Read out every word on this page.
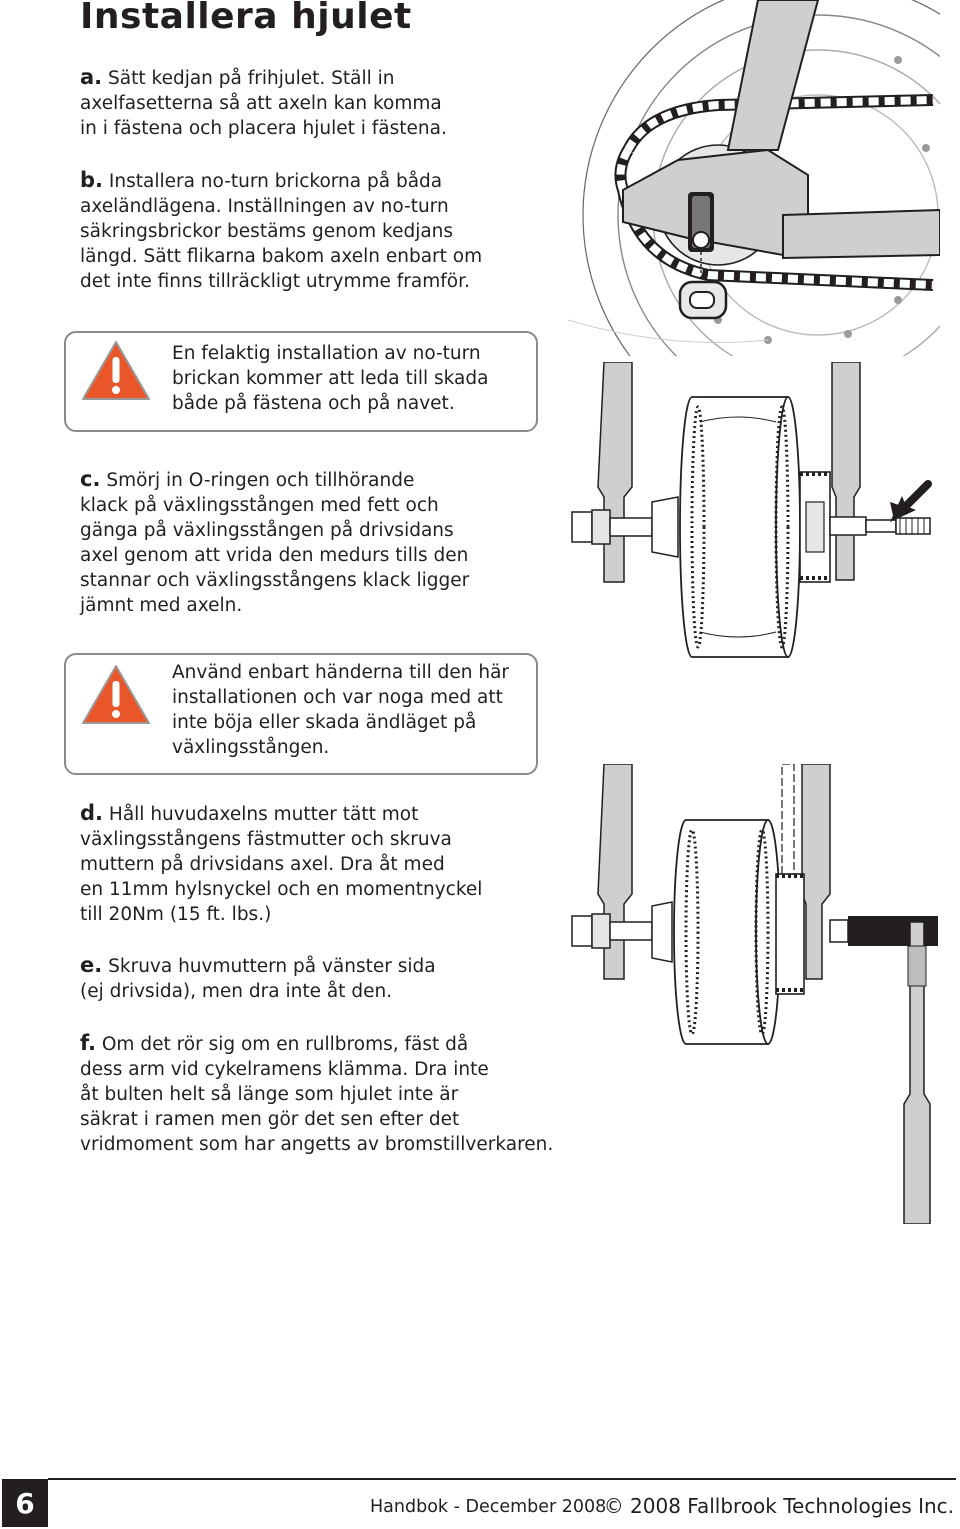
Installera hjulet

a. Sätt kedjan på frihjulet. Ställ in
axelfasetterna så att axeln kan komma
in i fästena och placera hjulet i fästena.

b. Installera no-turn brickorna på båda
axeländlägena. Inställningen av no-turn
säkringsbrickor bestäms genom kedjans
längd. Sätt flikarna bakom axeln enbart om
det inte finns tillräckligt utrymme framför.

En felaktig installation av no-turn
brickan kommer att leda till skada
både på fästena och på navet.

c. Smörj in O-ringen och tillhörande
klack på växlingsstången med fett och
gänga på växlingsstången på drivsidans
axel genom att vrida den medurs tills den
stannar och växlingsstångens klack ligger
jämnt med axeln.

Använd enbart händerna till den här
installationen och var noga med att
inte böja eller skada ändläget på
växlingsstången.

d. Håll huvudaxelns mutter tätt mot
växlingsstångens fästmutter och skruva
muttern på drivsidans axel. Dra åt med
en 11mm hylsnyckel och en momentnyckel
till 20Nm (15 ft. lbs.)

e. Skruva huvmuttern på vänster sida
(ej drivsida), men dra inte åt den.

f. Om det rör sig om en rullbroms, fäst då
dess arm vid cykelramens klämma. Dra inte
åt bulten helt så länge som hjulet inte är
säkrat i ramen men gör det sen efter det
vridmoment som har angetts av bromstillverkaren.

6	Handbok - December 2008
© 2008 Fallbrook Technologies Inc.
